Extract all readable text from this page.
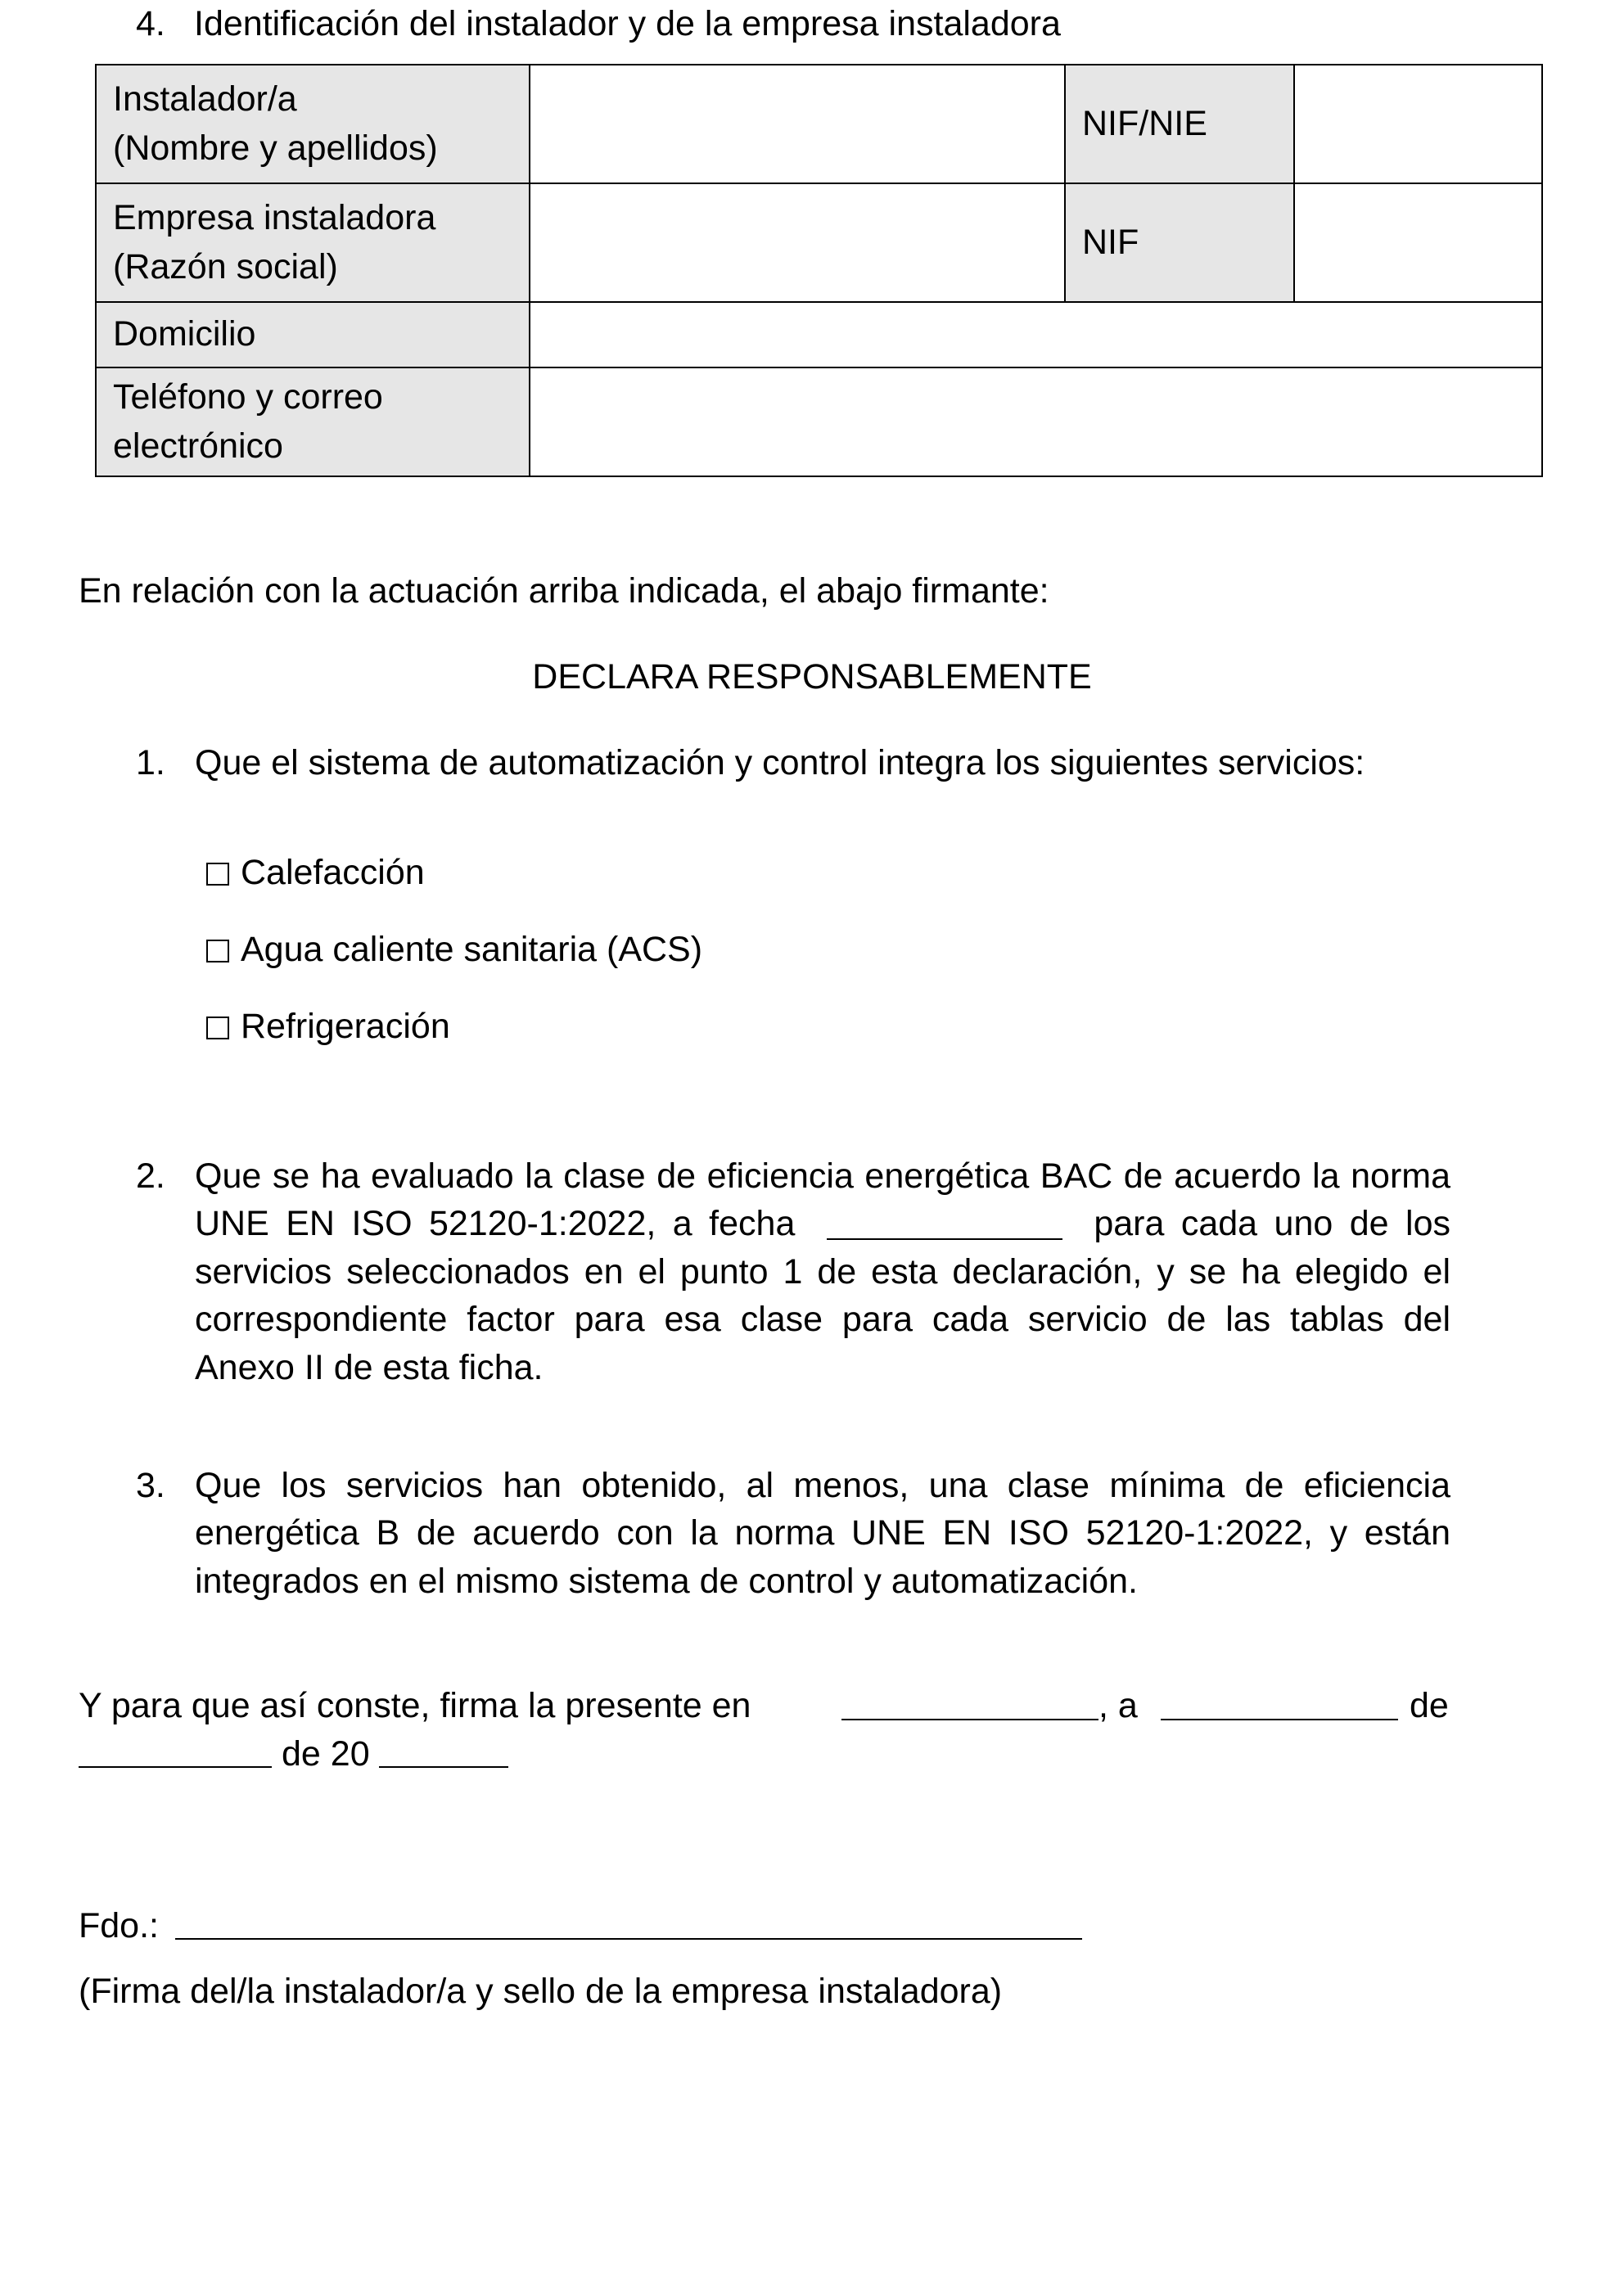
4. Identificación del instalador y de la empresa instaladora
Instalador/a
(Nombre y apellidos)		NIF/NIE	

Empresa instaladora
(Razón social)		NIF	
Domicilio			

Teléfono y correo
electrónico			

En relación con la actuación arriba indicada, el abajo firmante:
DECLARA RESPONSABLEMENTE
1. Que el sistema de automatización y control integra los siguientes servicios:
Calefacción
Agua caliente sanitaria (ACS)
Refrigeración
2. Que se ha evaluado la clase de eficiencia energética BAC de acuerdo la norma UNE EN ISO 52120-1:2022, a fecha	para cada uno de los servicios seleccionados en el punto 1 de esta declaración, y se ha elegido el correspondiente factor para esa clase para cada servicio de las tablas del Anexo II de esta ficha.
3. Que los servicios han obtenido, al menos, una clase mínima de eficiencia energética B de acuerdo con la norma UNE EN ISO 52120-1:2022, y están integrados en el mismo sistema de control y automatización.
Y para que así conste, firma la presente en	, a	de
de 20
Fdo.:
(Firma del/la instalador/a y sello de la empresa instaladora)
